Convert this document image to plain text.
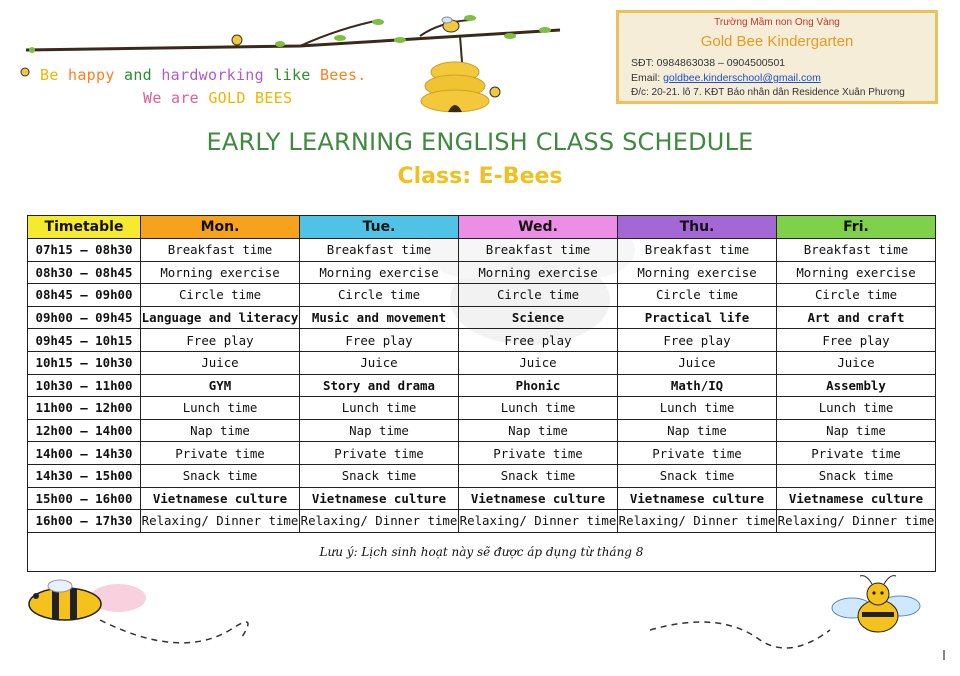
Be happy and hardworking like Bees.
We are GOLD BEES
Trường Mầm non Ong Vàng
Gold Bee Kindergarten
SĐT: 0984863038 – 0904500501
Email: goldbee.kinderschool@gmail.com
Đ/c: 20-21. lô 7. KĐT Báo nhân dân Residence Xuân Phương
EARLY LEARNING ENGLISH CLASS SCHEDULE
Class: E-Bees
Timetable	Mon.	Tue.	Wed.	Thu.	Fri.
07h15 – 08h30	Breakfast time	Breakfast time	Breakfast time	Breakfast time	Breakfast time
08h30 – 08h45	Morning exercise	Morning exercise	Morning exercise	Morning exercise	Morning exercise
08h45 – 09h00	Circle time	Circle time	Circle time	Circle time	Circle time
09h00 – 09h45	Language and literacy	Music and movement	Science	Practical life	Art and craft
09h45 – 10h15	Free play	Free play	Free play	Free play	Free play
10h15 – 10h30	Juice	Juice	Juice	Juice	Juice
10h30 – 11h00	GYM	Story and drama	Phonic	Math/IQ	Assembly
11h00 – 12h00	Lunch time	Lunch time	Lunch time	Lunch time	Lunch time
12h00 – 14h00	Nap time	Nap time	Nap time	Nap time	Nap time
14h00 – 14h30	Private time	Private time	Private time	Private time	Private time
14h30 – 15h00	Snack time	Snack time	Snack time	Snack time	Snack time
15h00 – 16h00	Vietnamese culture	Vietnamese culture	Vietnamese culture	Vietnamese culture	Vietnamese culture
16h00 – 17h30	Relaxing/ Dinner time	Relaxing/ Dinner time	Relaxing/ Dinner time	Relaxing/ Dinner time	Relaxing/ Dinner time
Lưu ý: Lịch sinh hoạt này sẽ được áp dụng từ tháng 8					
